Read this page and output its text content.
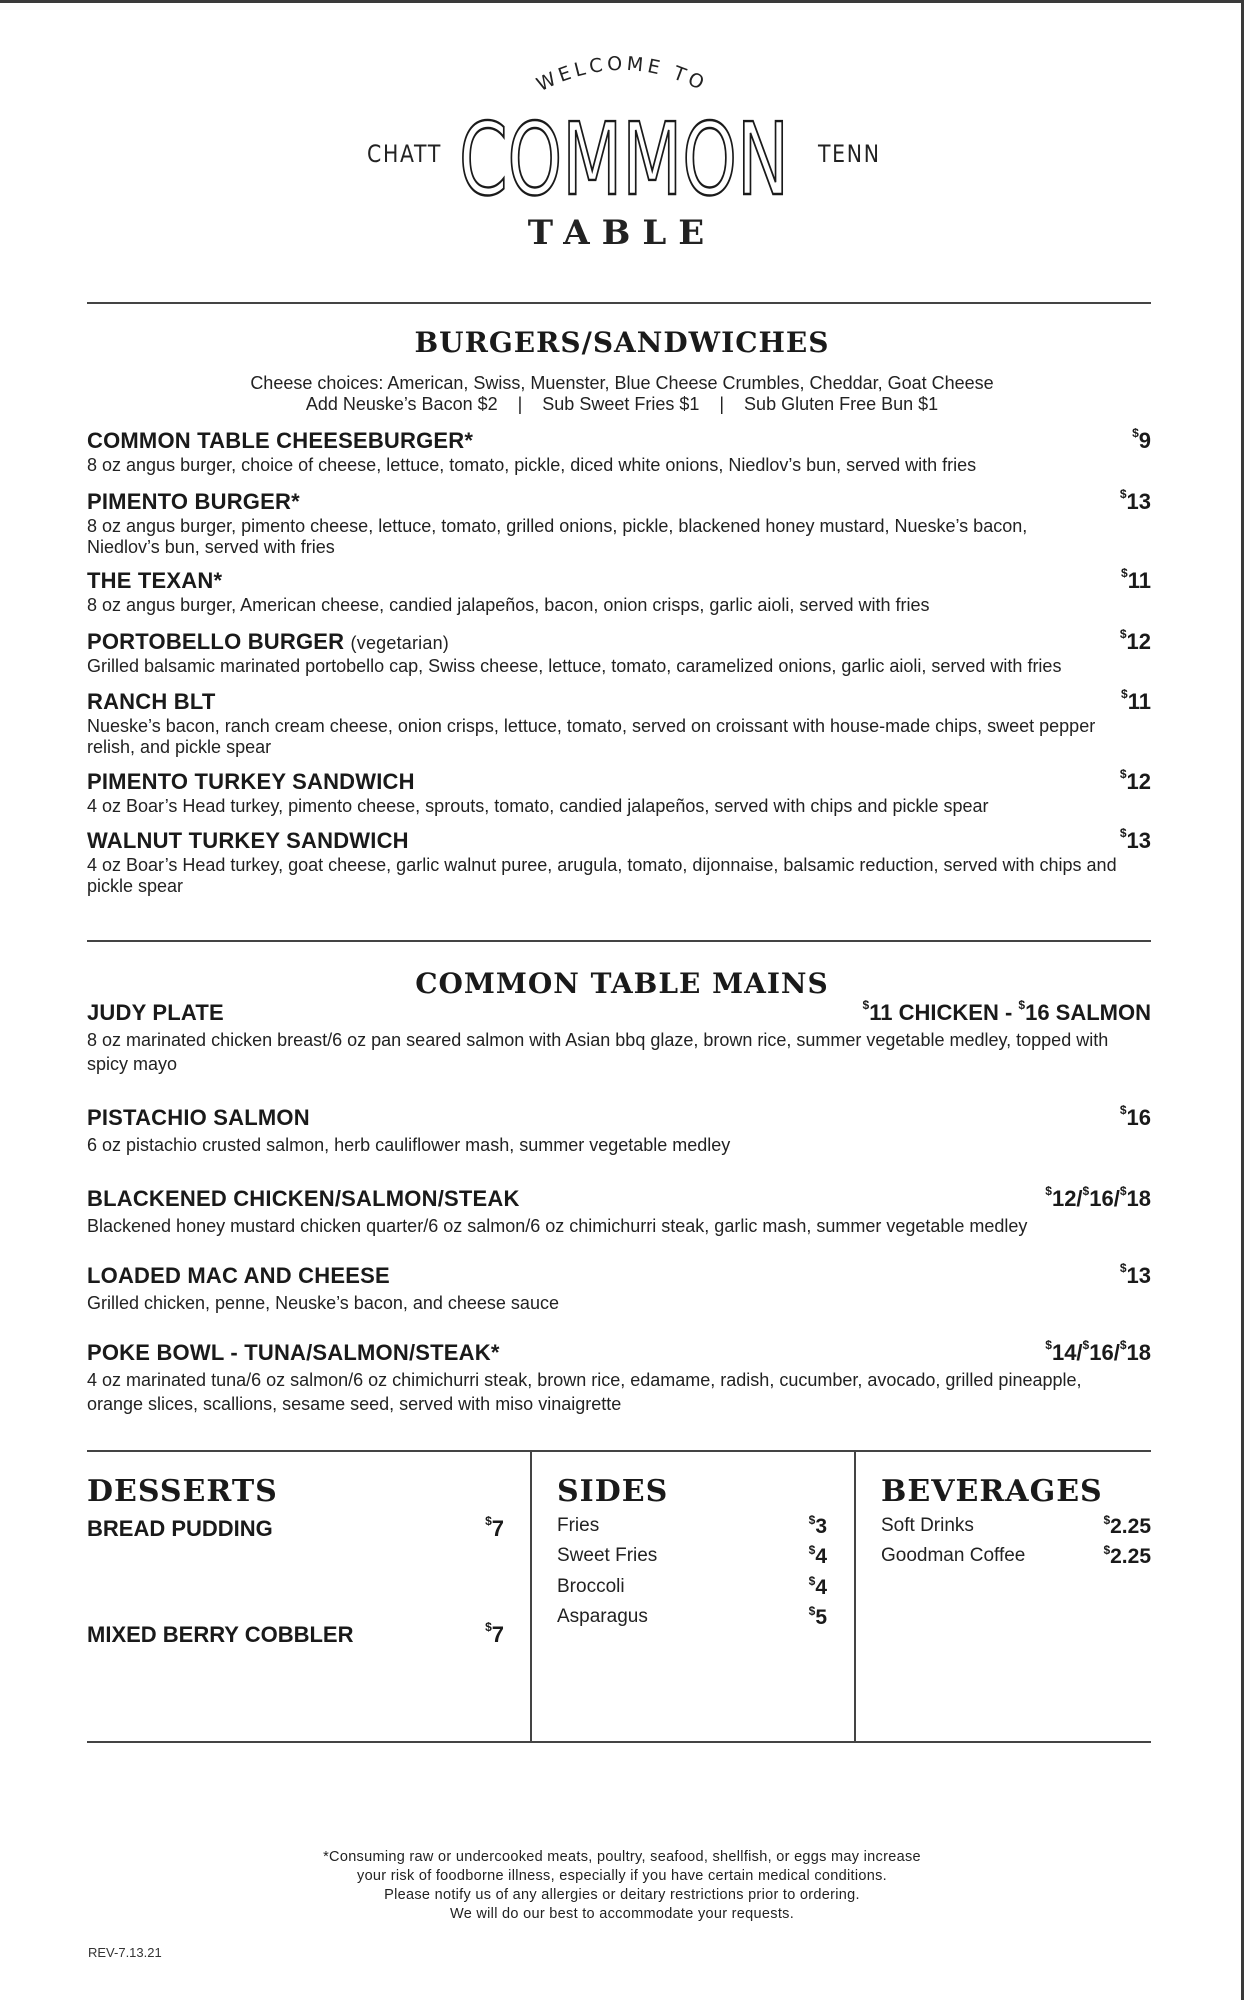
WELCOME TO
CHATT COMMON TENN
TABLE
BURGERS/SANDWICHES
Cheese choices: American, Swiss, Muenster, Blue Cheese Crumbles, Cheddar, Goat Cheese
Add Neuske’s Bacon $2    |    Sub Sweet Fries $1    |    Sub Gluten Free Bun $1
COMMON TABLE CHEESEBURGER*	$9
8 oz angus burger, choice of cheese, lettuce, tomato, pickle, diced white onions, Niedlov’s bun, served with fries
PIMENTO BURGER*	$13
8 oz angus burger, pimento cheese, lettuce, tomato, grilled onions, pickle, blackened honey mustard, Nueske’s bacon, Niedlov’s bun, served with fries
THE TEXAN*	$11
8 oz angus burger, American cheese, candied jalapeños, bacon, onion crisps, garlic aioli, served with fries
PORTOBELLO BURGER (vegetarian)	$12
Grilled balsamic marinated portobello cap, Swiss cheese, lettuce, tomato, caramelized onions, garlic aioli, served with fries
RANCH BLT	$11
Nueske’s bacon, ranch cream cheese, onion crisps, lettuce, tomato, served on croissant with house-made chips, sweet pepper relish, and pickle spear
PIMENTO TURKEY SANDWICH	$12
4 oz Boar’s Head turkey, pimento cheese, sprouts, tomato, candied jalapeños, served with chips and pickle spear
WALNUT TURKEY SANDWICH	$13
4 oz Boar’s Head turkey, goat cheese, garlic walnut puree, arugula, tomato, dijonnaise, balsamic reduction, served with chips and pickle spear
COMMON TABLE MAINS
JUDY PLATE	$11 CHICKEN - $16 SALMON
8 oz marinated chicken breast/6 oz pan seared salmon with Asian bbq glaze, brown rice, summer vegetable medley, topped with spicy mayo
PISTACHIO SALMON	$16
6 oz pistachio crusted salmon, herb cauliflower mash, summer vegetable medley
BLACKENED CHICKEN/SALMON/STEAK	$12/$16/$18
Blackened honey mustard chicken quarter/6 oz salmon/6 oz chimichurri steak, garlic mash, summer vegetable medley
LOADED MAC AND CHEESE	$13
Grilled chicken, penne, Neuske’s bacon, and cheese sauce
POKE BOWL - TUNA/SALMON/STEAK*	$14/$16/$18
4 oz marinated tuna/6 oz salmon/6 oz chimichurri steak, brown rice, edamame, radish, cucumber, avocado, grilled pineapple, orange slices, scallions, sesame seed, served with miso vinaigrette
DESSERTS
BREAD PUDDING	$7
MIXED BERRY COBBLER	$7
SIDES
Fries	$3
Sweet Fries	$4
Broccoli	$4
Asparagus	$5
BEVERAGES
Soft Drinks	$2.25
Goodman Coffee	$2.25
*Consuming raw or undercooked meats, poultry, seafood, shellfish, or eggs may increase
your risk of foodborne illness, especially if you have certain medical conditions.
Please notify us of any allergies or deitary restrictions prior to ordering.
We will do our best to accommodate your requests.
REV-7.13.21
